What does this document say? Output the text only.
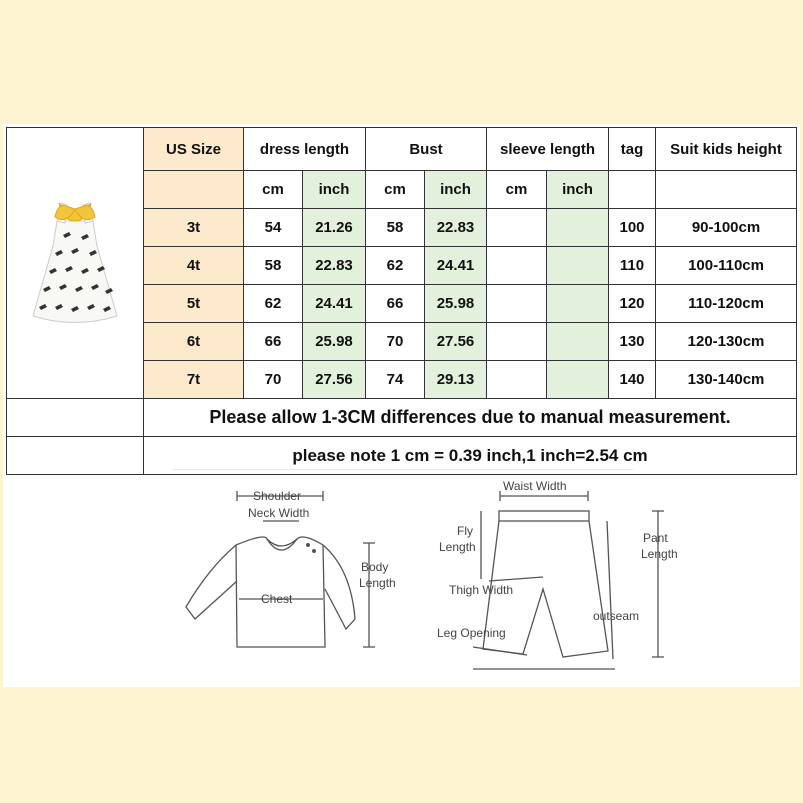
	US Size	dress length		Bust		sleeve length		tag	Suit kids height
		cm	inch	cm	inch	cm	inch		
	3t	54	21.26	58	22.83			100	90-100cm
	4t	58	22.83	62	24.41			110	100-110cm
	5t	62	24.41	66	25.98			120	110-120cm
	6t	66	25.98	70	27.56			130	120-130cm
	7t	70	27.56	74	29.13			140	130-140cm
	Please allow 1-3CM differences due to manual measurement.								
	please note 1 cm = 0.39 inch,1 inch=2.54 cm								
Shoulder
Neck Width
Chest
Body
Length
Waist Width
Fly
Length
Pant
Length
Thigh Width
outseam
Leg Opening
